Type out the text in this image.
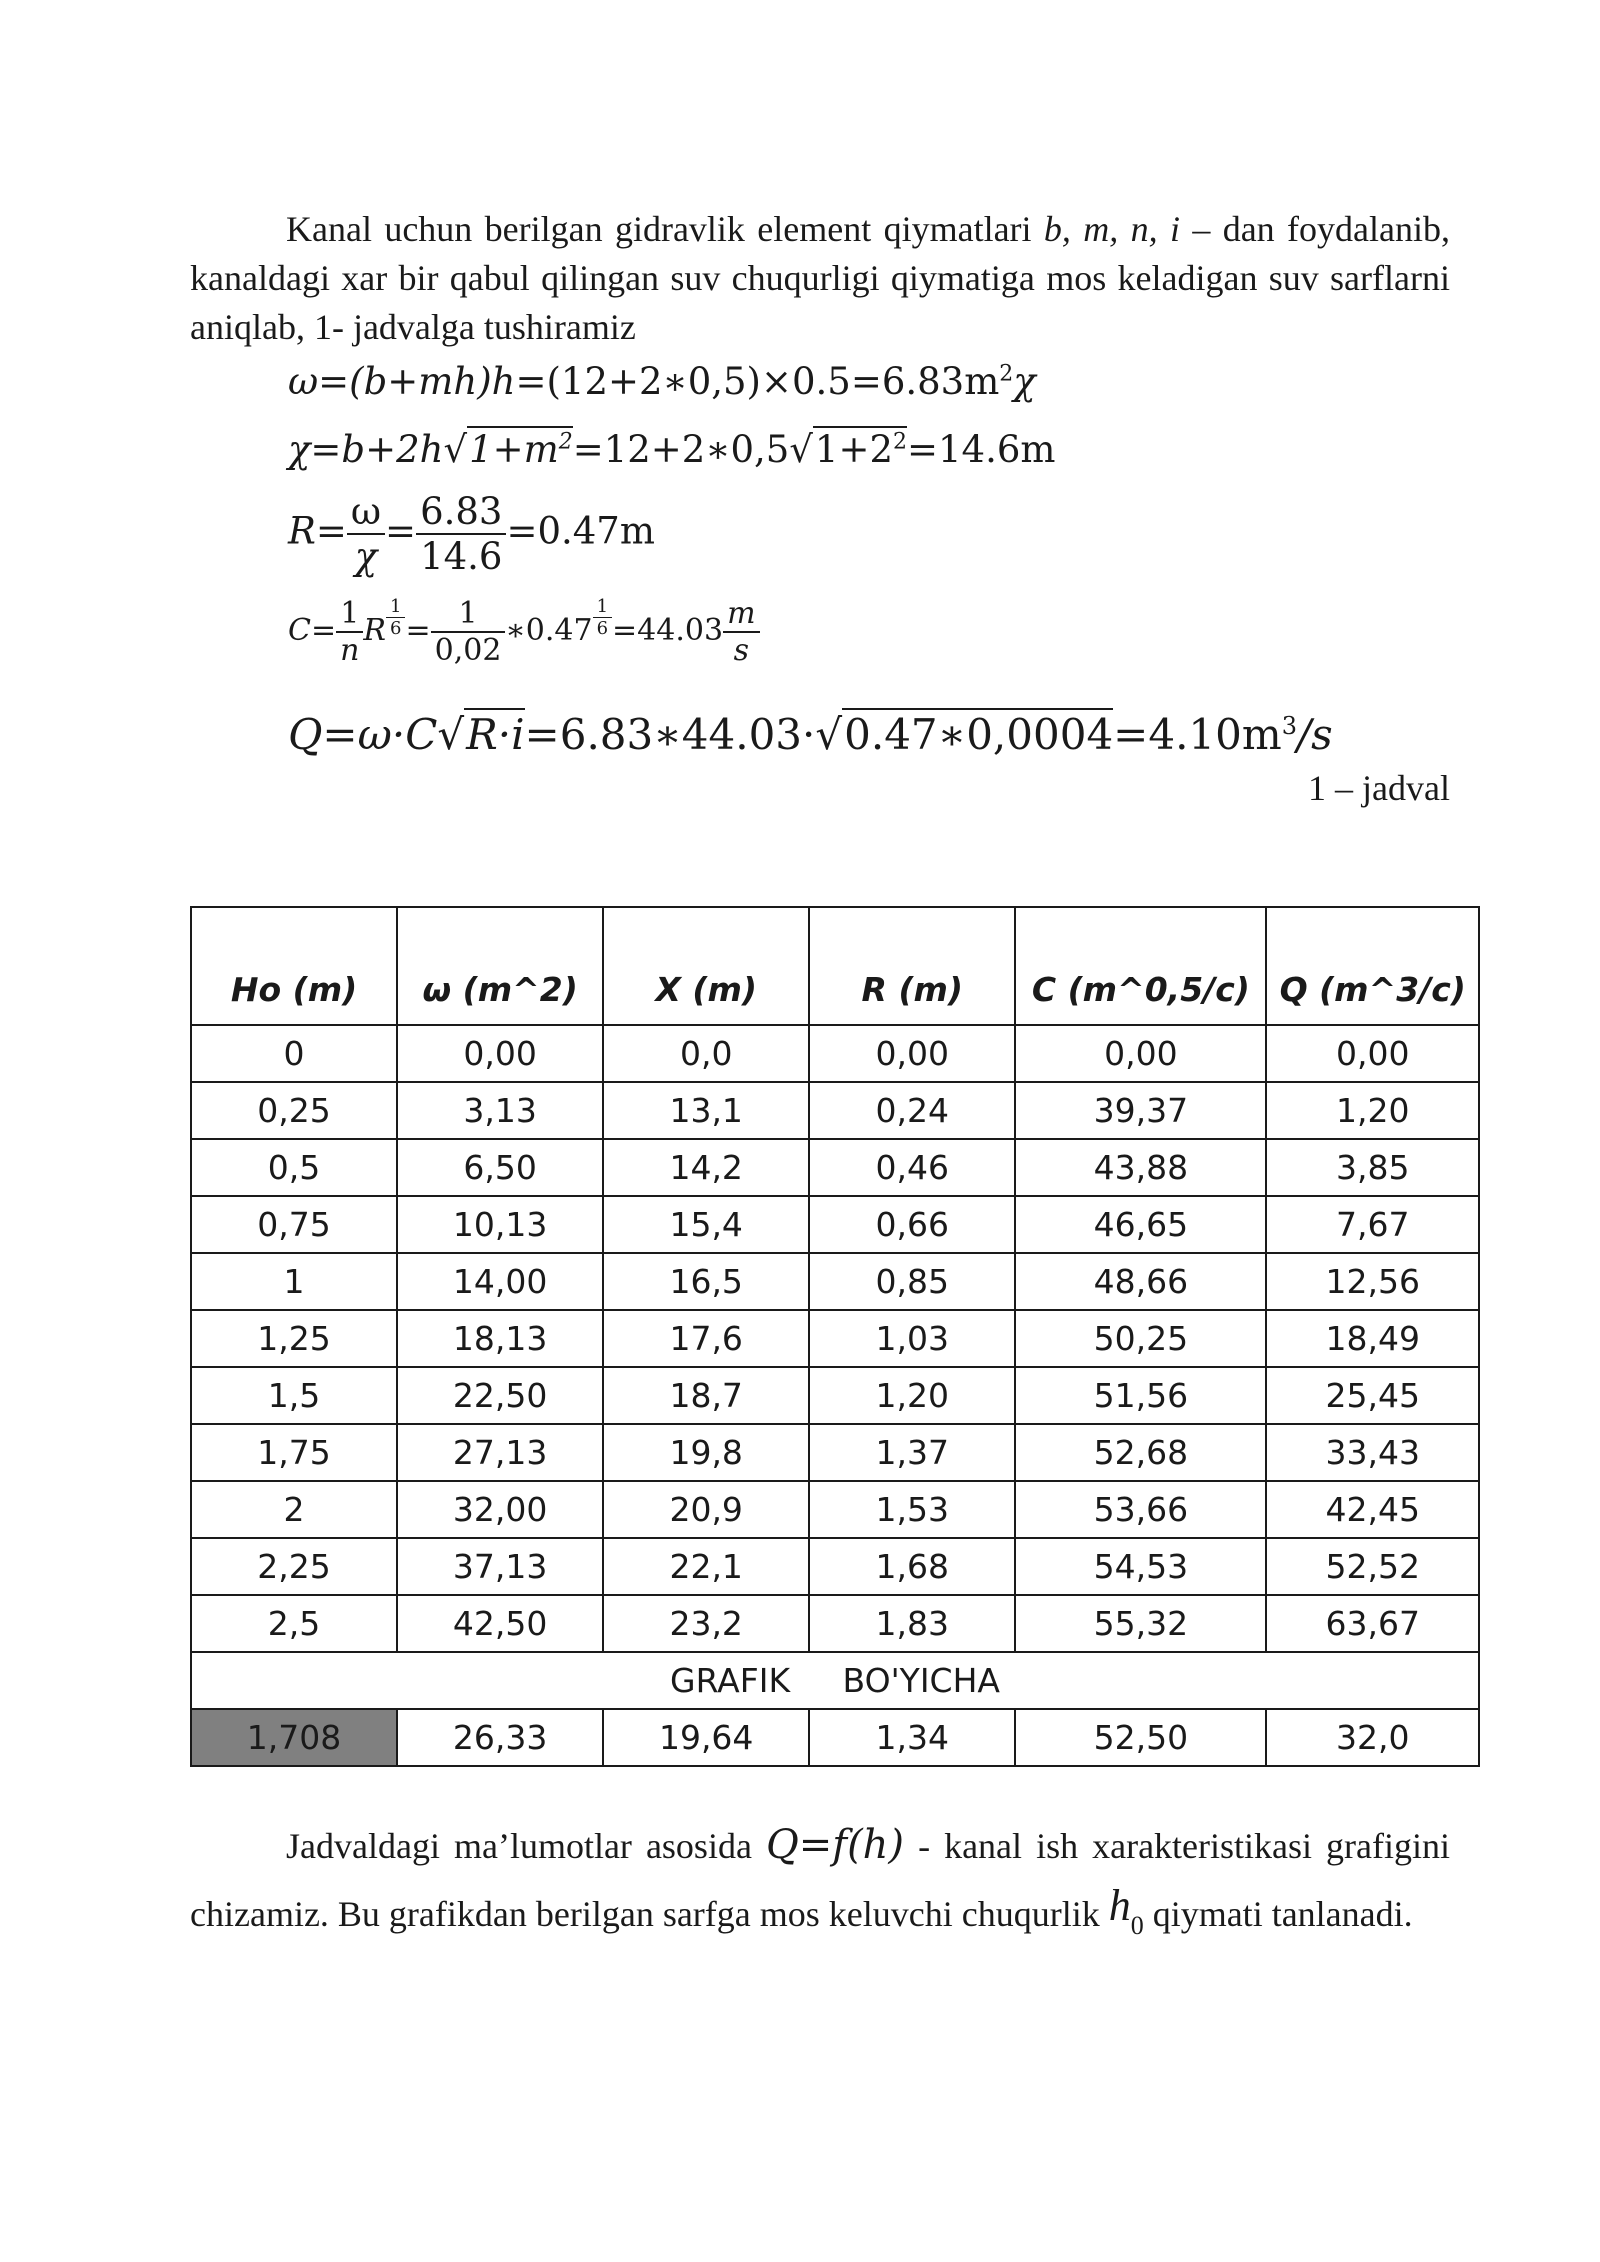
Kanal uchun berilgan gidravlik element qiymatlari b, m, n, i – dan foydalanib, kanaldagi xar bir qabul qilingan suv chuqurligi qiymatiga mos keladigan suv sarflarni aniqlab, 1- jadvalga tushiramiz
$\omega=(b+mh)h=(12+2∗0,5)\times 0.5=6.83m^2\chi$
$\chi=b+2h√1+m^2=12+2∗0,5√1+2^2=14.6m$
$R= \frac{\omega}{\chi} = \frac{6.83}{14.6} =0.47m$
$C= \frac{1}{n}$ R $^{\frac{1}{6}} = \frac{1}{0,02}$ ∗0.47 $^{\frac{1}{6}} =44.03 \frac{m}{s}$
$Q=\omega\cdot C√R\cdot i=6.83∗44.03\cdot√0.47∗0,0004=4.10m^3/s$
1 – jadval
Ho (m)	ω (m^2)	X (m)	R (m)	C (m^0,5/c)	Q (m^3/c)
0	0,00	0,0	0,00	0,00	0,00
0,25	3,13	13,1	0,24	39,37	1,20
0,5	6,50	14,2	0,46	43,88	3,85
0,75	10,13	15,4	0,66	46,65	7,67
1	14,00	16,5	0,85	48,66	12,56
1,25	18,13	17,6	1,03	50,25	18,49
1,5	22,50	18,7	1,20	51,56	25,45
1,75	27,13	19,8	1,37	52,68	33,43
2	32,00	20,9	1,53	53,66	42,45
2,25	37,13	22,1	1,68	54,53	52,52
2,5	42,50	23,2	1,83	55,32	63,67
GRAFIK     BO'YICHA					
1,708	26,33	19,64	1,34	52,50	32,0
Jadvaldagi ma’lumotlar asosida Q=f(h) - kanal ish xarakteristikasi grafigini chizamiz. Bu grafikdan berilgan sarfga mos keluvchi chuqurlik $h_0$ qiymati tanlanadi.
